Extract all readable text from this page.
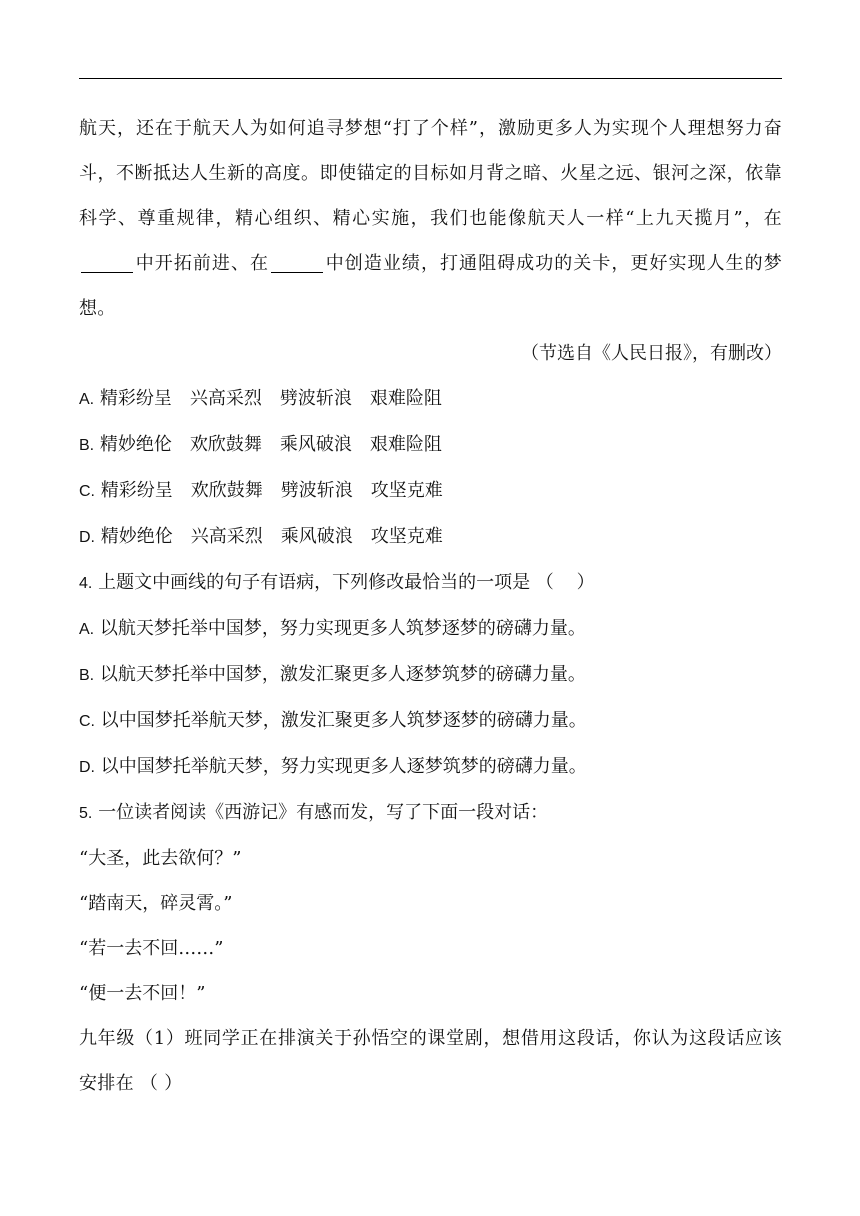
航天，还在于航天人为如何追寻梦想“打了个样”，激励更多人为实现个人理想努力奋斗，不断抵达人生新的高度。即使锚定的目标如月背之暗、火星之远、银河之深，依靠科学、尊重规律，精心组织、精心实施，我们也能像航天人一样“上九天揽月”，在中开拓前进、在	中创造业绩，打通阻碍成功的关卡，更好实现人生的梦想。

（节选自《人民日报》，有删改）

A. 精彩纷呈 兴高采烈 劈波斩浪 艰难险阻

B. 精妙绝伦 欢欣鼓舞 乘风破浪 艰难险阻

C. 精彩纷呈 欢欣鼓舞 劈波斩浪 攻坚克难

D. 精妙绝伦 兴高采烈 乘风破浪 攻坚克难

4. 上题文中画线的句子有语病，下列修改最恰当的一项是 （    ）

A. 以航天梦托举中国梦，努力实现更多人筑梦逐梦的磅礴力量。

B. 以航天梦托举中国梦，激发汇聚更多人逐梦筑梦的磅礴力量。

C. 以中国梦托举航天梦，激发汇聚更多人筑梦逐梦的磅礴力量。

D. 以中国梦托举航天梦，努力实现更多人逐梦筑梦的磅礴力量。

5. 一位读者阅读《西游记》有感而发，写了下面一段对话：

“大圣，此去欲何？”

“踏南天，碎灵霄。”

“若一去不回……”

“便一去不回！”

九年级（1）班同学正在排演关于孙悟空的课堂剧，想借用这段话，你认为这段话应该安排在 （ ）
